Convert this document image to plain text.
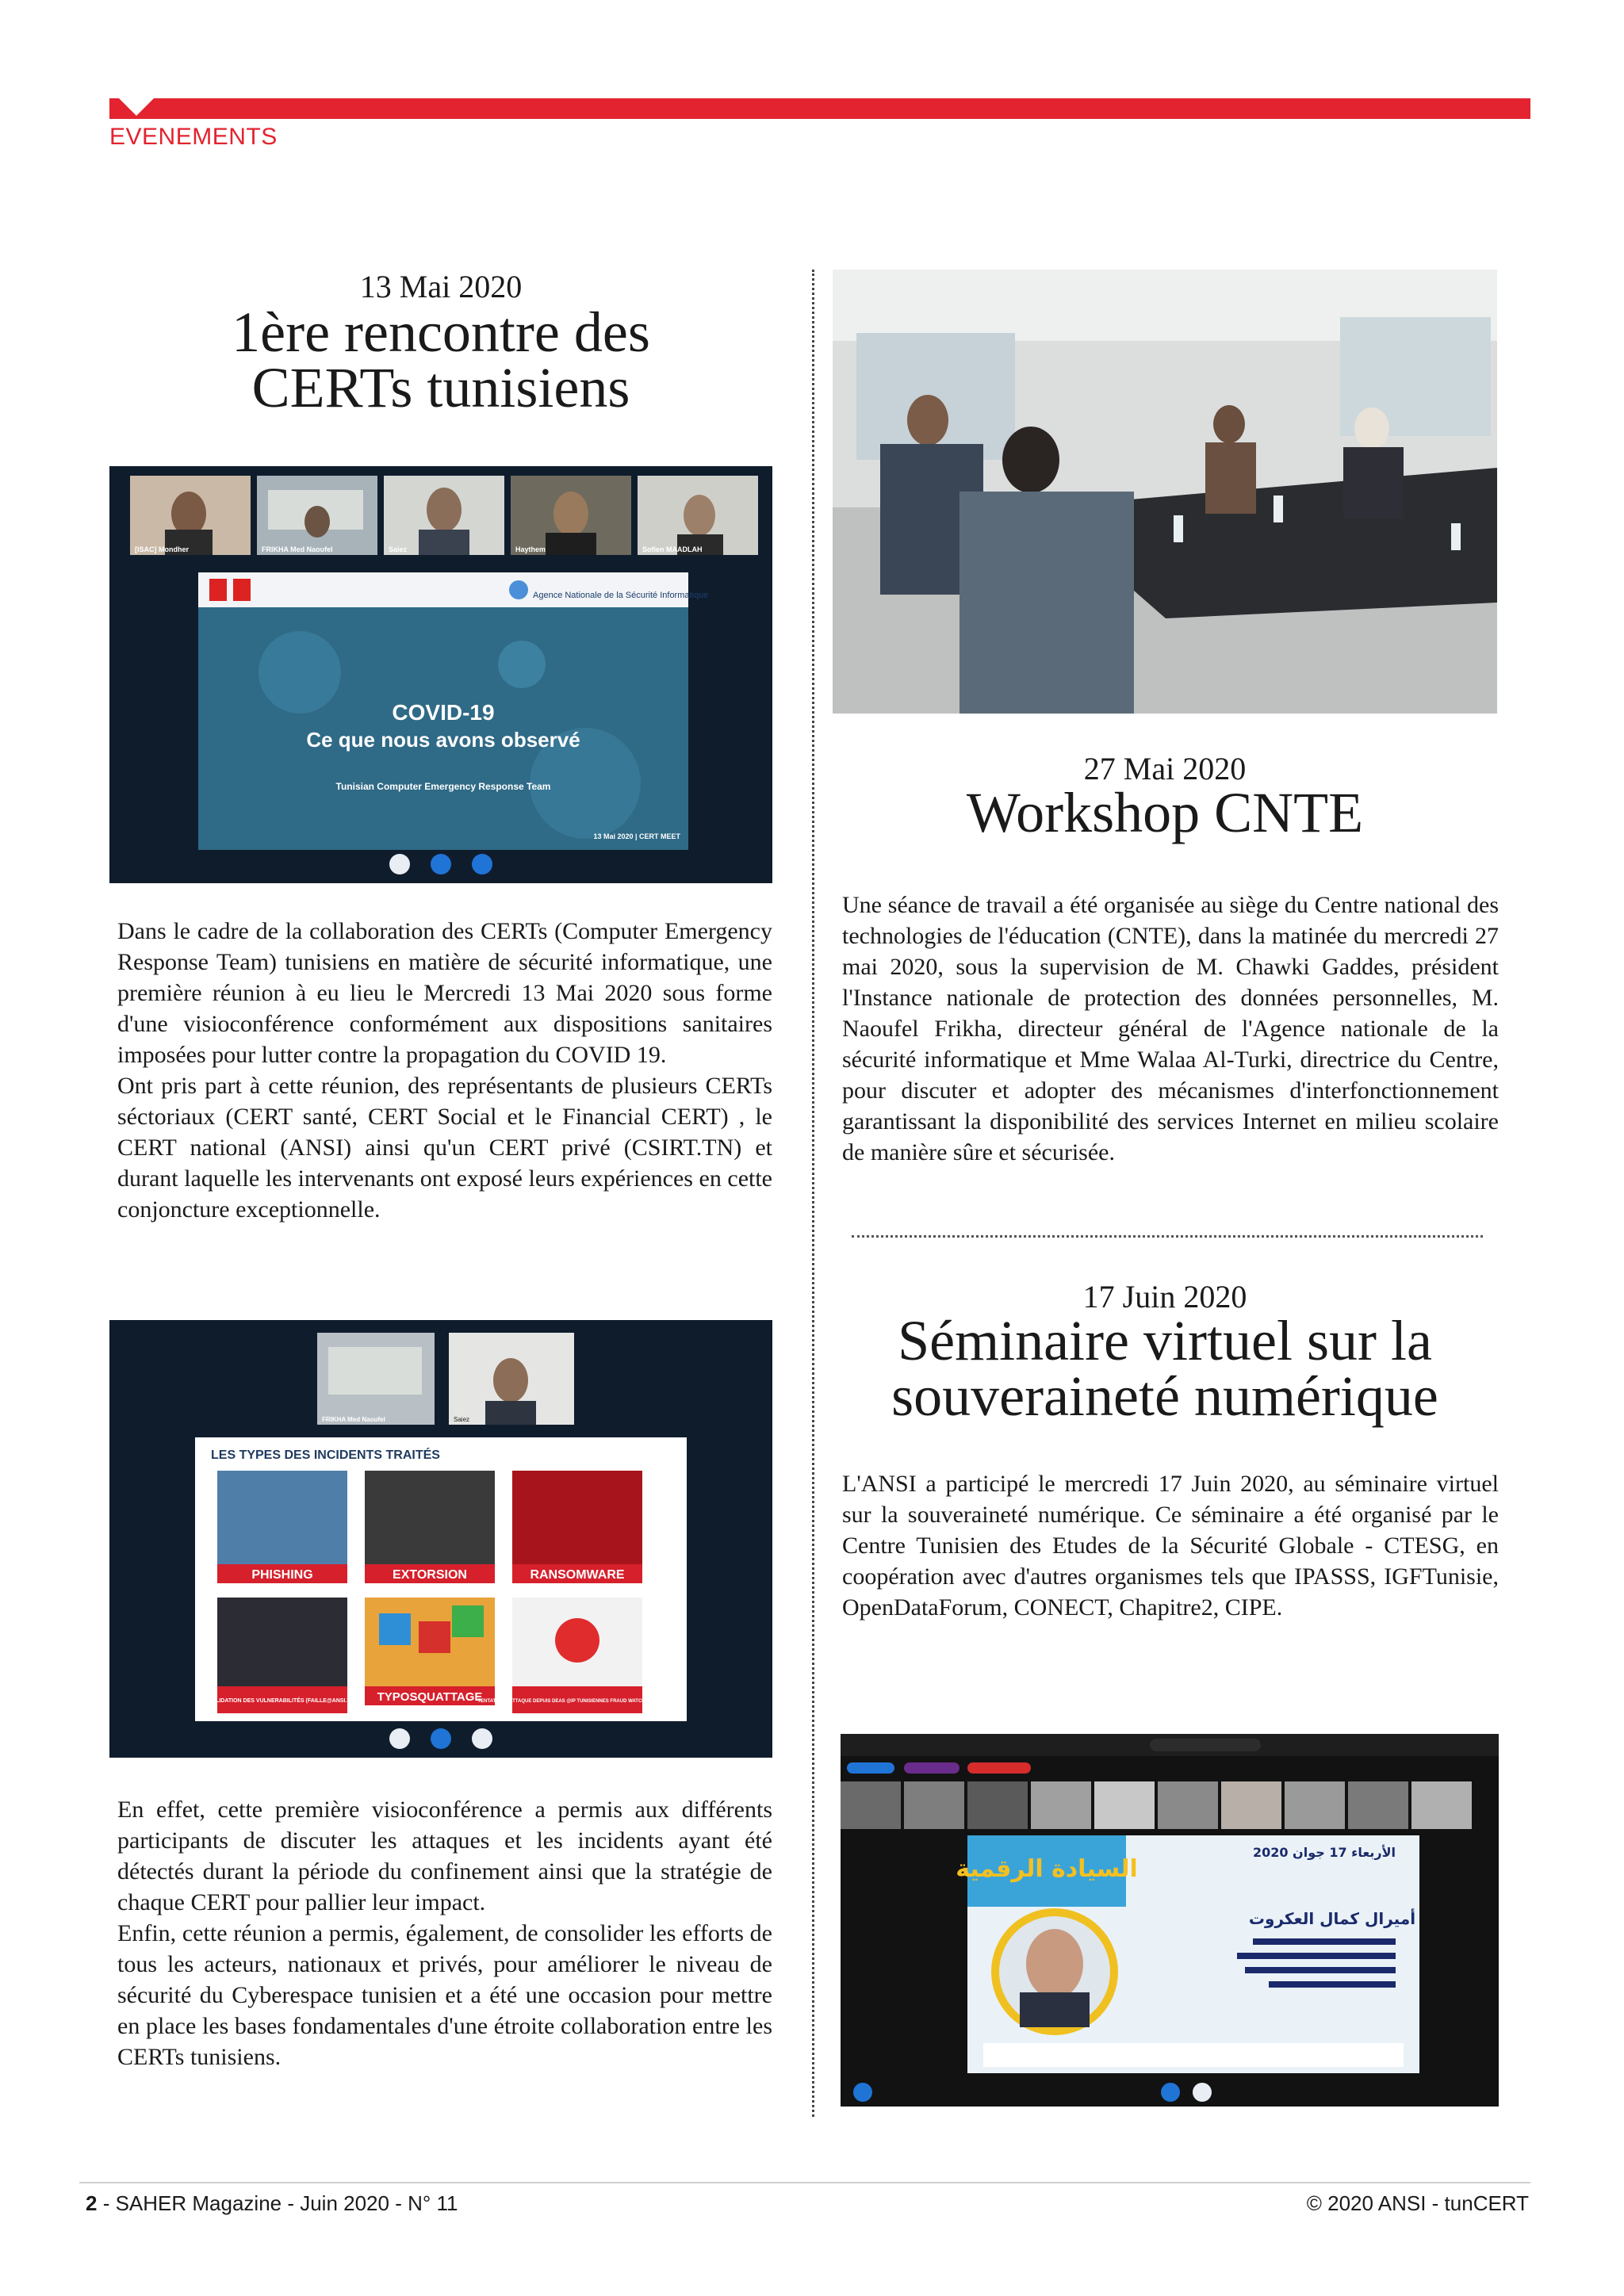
EVENEMENTS
13 Mai 2020
1ère rencontre des
CERTs tunisiens
[ISAC] Mondher	FRIKHA Med Naoufel	Saiez	Haythem	Sofien MAADLAH
Agence Nationale de la Sécurité Informatique
COVID-19
Ce que nous avons observé
Tunisian Computer Emergency Response Team
13 Mai 2020 | CERT MEET

Dans le cadre de la collaboration des CERTs (Computer Emergency Response Team) tunisiens en matière de sécurité informatique, une première réunion à eu lieu le Mercredi 13 Mai 2020 sous forme d'une visioconférence conformément aux dispositions sanitaires imposées pour lutter contre la propagation du COVID 19.

Ont pris part à cette réunion, des représentants de plusieurs CERTs séctoriaux (CERT santé, CERT Social et le Financial CERT) , le CERT national (ANSI) ainsi qu'un CERT privé (CSIRT.TN) et durant laquelle les intervenants ont exposé leurs expériences en cette conjoncture exceptionnelle.

FRIKHA Med Naoufel	Saiez
LES TYPES DES INCIDENTS TRAITÉS
PHISHING	EXTORSION	RANSOMWARE
VALIDATION DES VULNERABILITÉS (FAILLE@ANSI.TN) TYPOSQUATTAGE
TENTATIVE D'ATTAQUE DEPUIS DEAS @IP TUNISIENNES FRAUD WATCH & NETCRAFT

En effet, cette première visioconférence a permis aux différents participants de discuter les attaques et les incidents ayant été détectés durant la période du confinement ainsi que la stratégie de chaque CERT pour pallier leur impact.

Enfin, cette réunion a permis, également, de consolider les efforts de tous les acteurs, nationaux et privés, pour améliorer le niveau de sécurité du Cyberespace tunisien et a été une occasion pour mettre en place les bases fondamentales d'une étroite collaboration entre les CERTs tunisiens.

27 Mai 2020
Workshop CNTE

Une séance de travail a été organisée au siège du Centre national des technologies de l'éducation (CNTE), dans la matinée du mercredi 27 mai 2020, sous la supervision de M. Chawki Gaddes, président l'Instance nationale de protection des données personnelles, M. Naoufel Frikha, directeur général de l'Agence nationale de la sécurité informatique et Mme Walaa Al-Turki, directrice du Centre, pour discuter et adopter des mécanismes d'interfonctionnement garantissant la disponibilité des services Internet en milieu scolaire de manière sûre et sécurisée.

17 Juin 2020
Séminaire virtuel sur la
souveraineté numérique

L'ANSI a participé le mercredi 17 Juin 2020, au séminaire virtuel sur la souveraineté numérique. Ce séminaire a été organisé par le Centre Tunisien des Etudes de la Sécurité Globale - CTESG, en coopération avec d'autres organismes tels que IPASSS, IGFTunisie, OpenDataForum, CONECT, Chapitre2, CIPE.

السيادة الرقمية
الأربعاء 17 جوان 2020
أميرال كمال العكروت
2 - SAHER Magazine - Juin 2020 - N° 11	© 2020 ANSI - tunCERT
